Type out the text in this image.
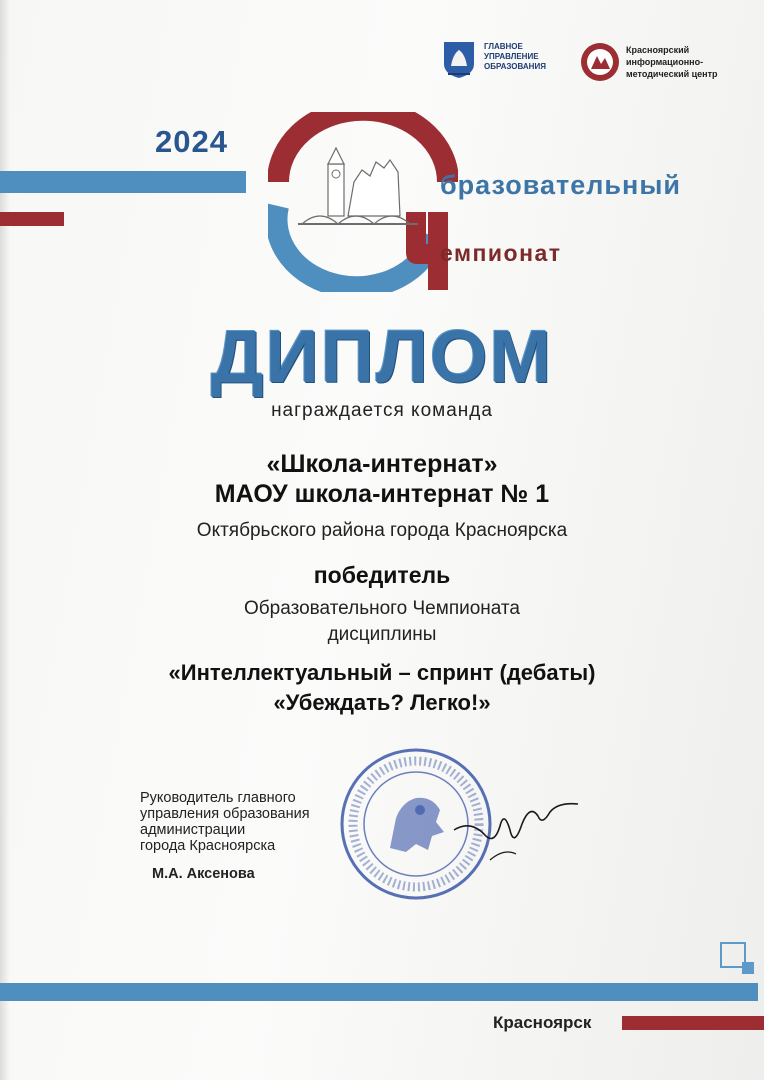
ГЛАВНОЕ
УПРАВЛЕНИЕ
ОБРАЗОВАНИЯ
Красноярский
информационно-
методический центр
2024
бразовательный
емпионат
ДИПЛОМ
награждается команда
«Школа-интернат»
МАОУ школа-интернат № 1
Октябрьского района города Красноярска
победитель
Образовательного Чемпионата
дисциплины
«Интеллектуальный – спринт (дебаты)
«Убеждать? Легко!»
Руководитель главного
управления образования
администрации
города Красноярска
М.А. Аксенова
Красноярск
